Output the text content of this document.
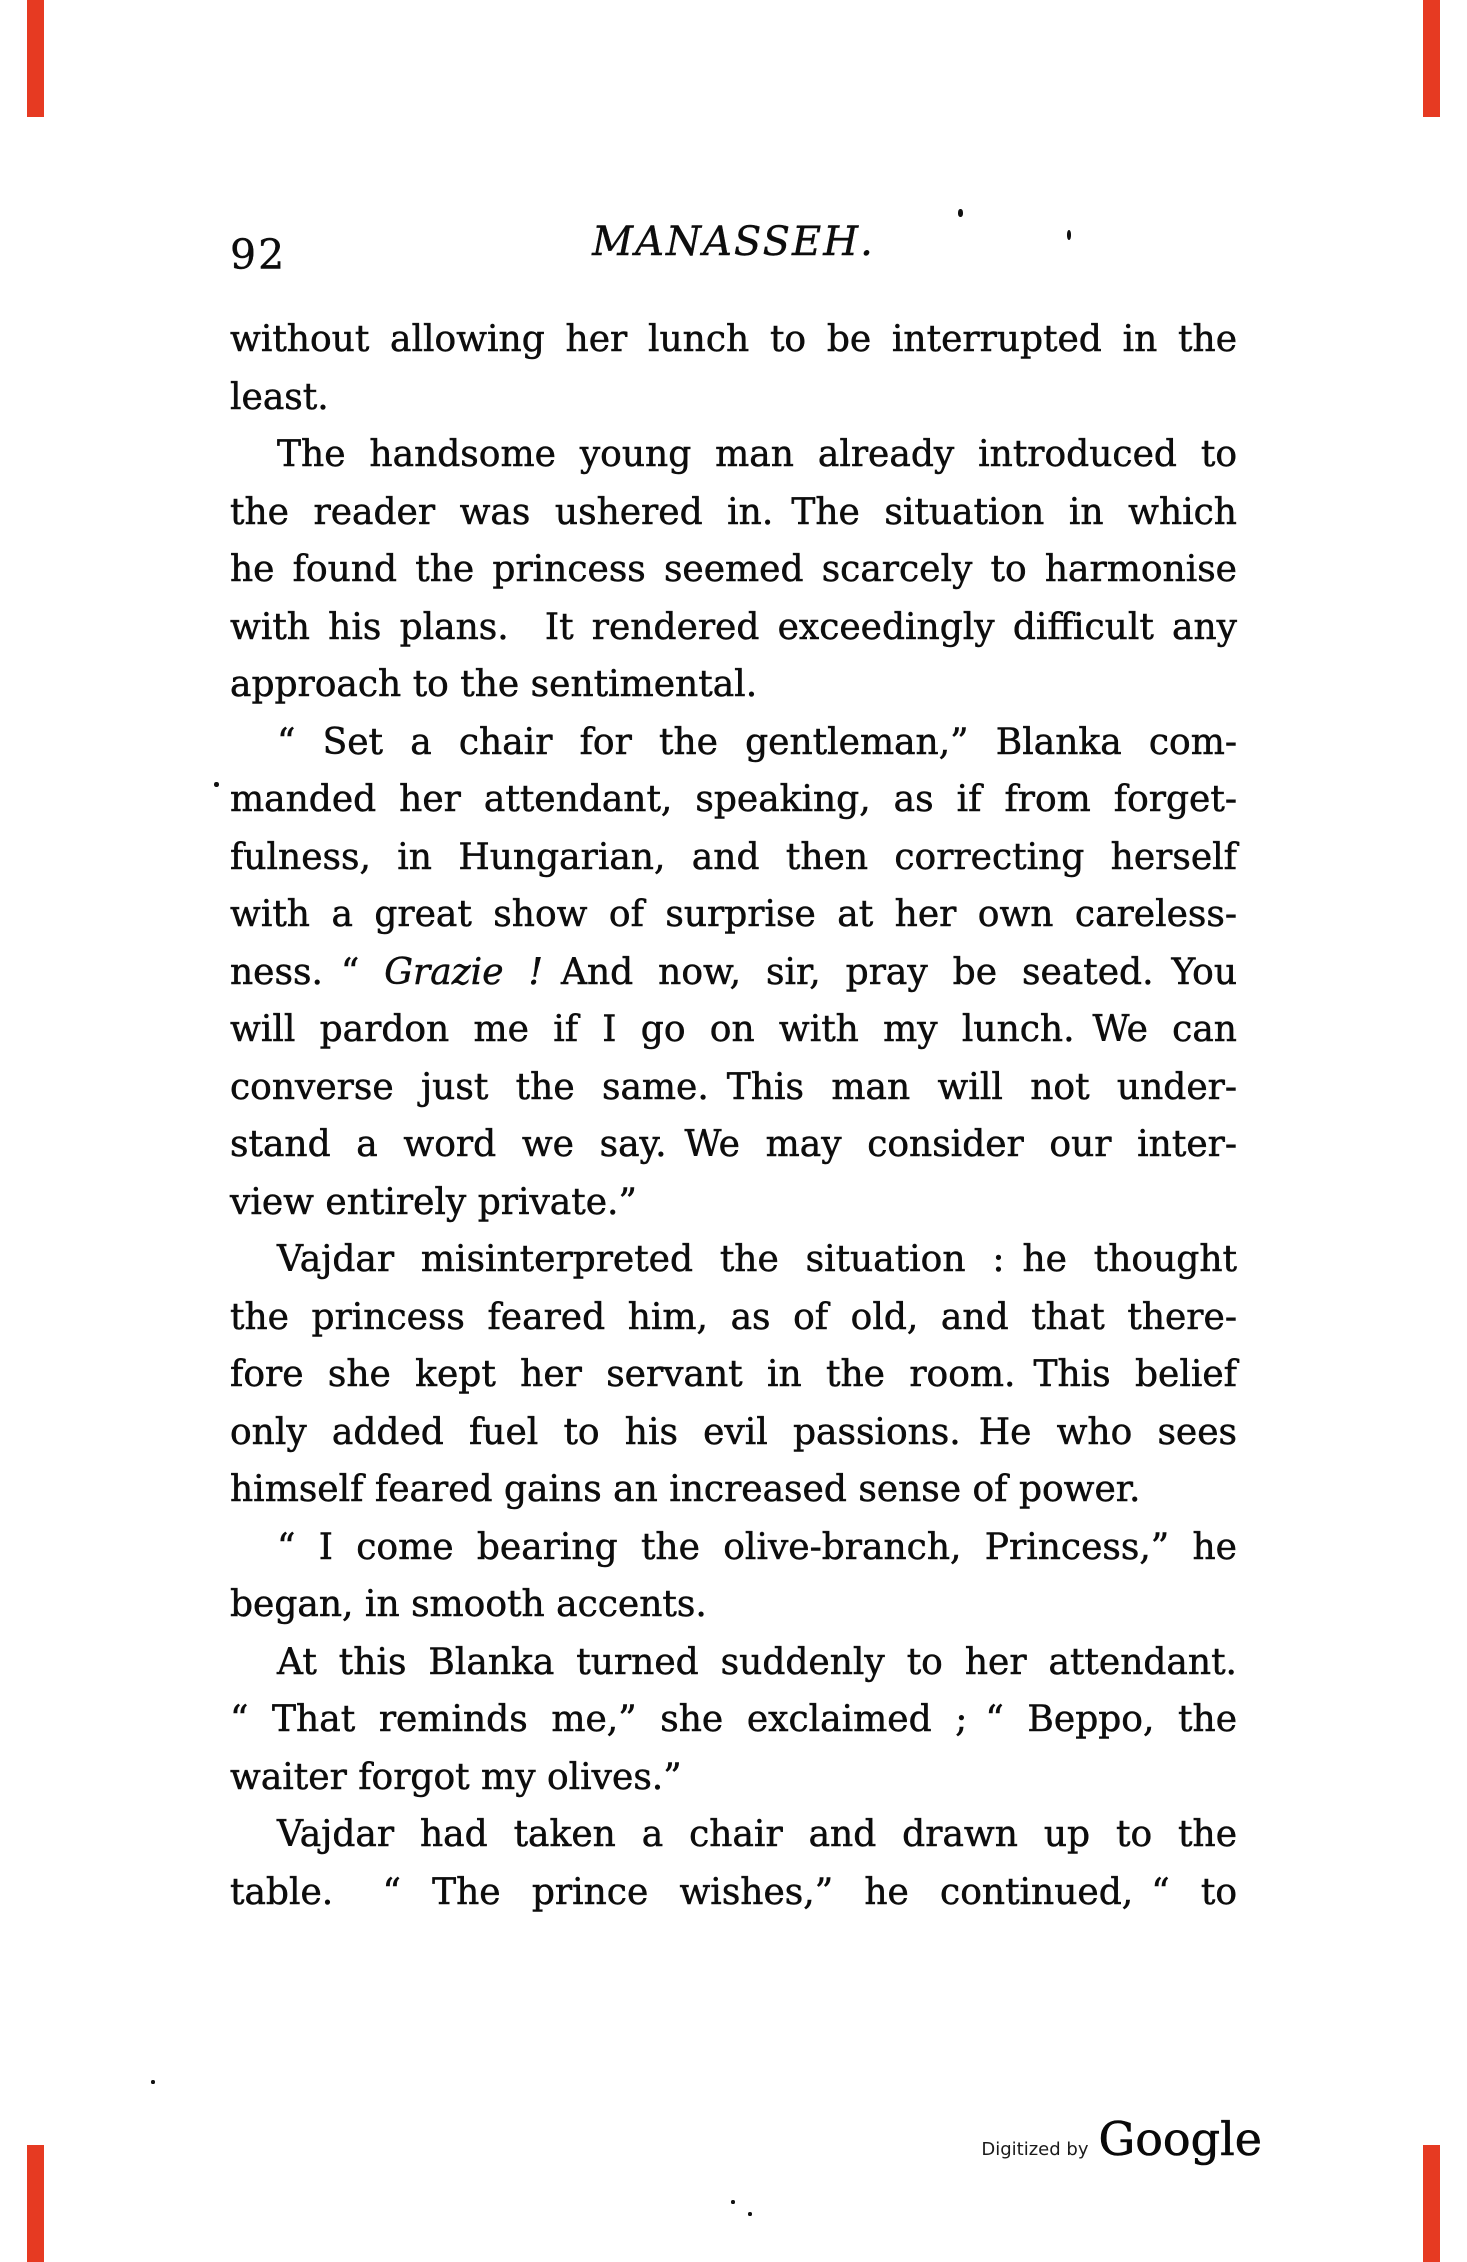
92	MANASSEH.
without allowing her lunch to be interrupted in the
least.
The handsome young man already introduced to
the reader was ushered in. The situation in which
he found the princess seemed scarcely to harmonise
with his plans.  It rendered exceedingly difficult any
approach to the sentimental.
“ Set a chair for the gentleman,” Blanka com-
manded her attendant, speaking, as if from forget-
fulness, in Hungarian, and then correcting herself
with a great show of surprise at her own careless-
ness. “ Grazie ! And now, sir, pray be seated. You
will pardon me if I go on with my lunch. We can
converse just the same. This man will not under-
stand a word we say. We may consider our inter-
view entirely private.”
Vajdar misinterpreted the situation : he thought
the princess feared him, as of old, and that there-
fore she kept her servant in the room. This belief
only added fuel to his evil passions. He who sees
himself feared gains an increased sense of power.
“ I come bearing the olive-branch, Princess,” he
began, in smooth accents.
At this Blanka turned suddenly to her attendant.
“ That reminds me,” she exclaimed ; “ Beppo, the
waiter forgot my olives.”
Vajdar had taken a chair and drawn up to the
table.  “ The prince wishes,” he continued, “ to
Digitized by Google
